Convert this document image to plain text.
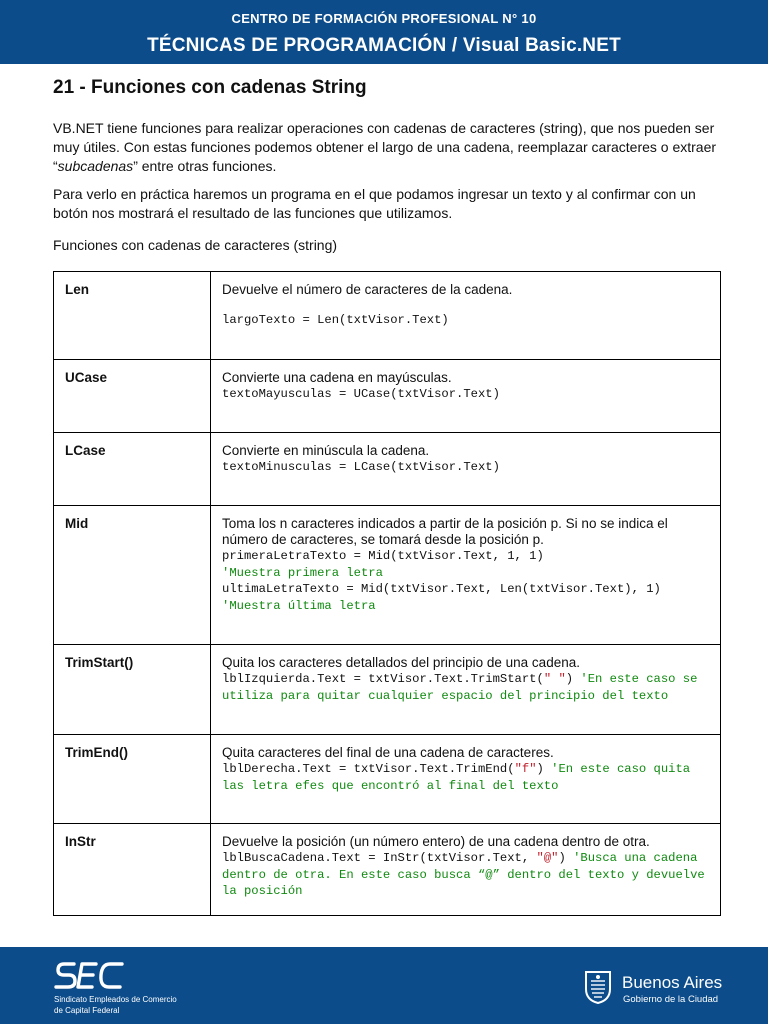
CENTRO DE FORMACIÓN PROFESIONAL N° 10
TÉCNICAS DE PROGRAMACIÓN / Visual Basic.NET
21 - Funciones con cadenas String
VB.NET tiene funciones para realizar operaciones con cadenas de caracteres (string), que nos pueden ser muy útiles. Con estas funciones podemos obtener el largo de una cadena, reemplazar caracteres o extraer “subcadenas” entre otras funciones.
Para verlo en práctica haremos un programa en el que podamos ingresar un texto y al confirmar con un botón nos mostrará el resultado de las funciones que utilizamos.
Funciones con cadenas de caracteres (string)
Len	Devuelve el número de caracteres de la cadena.
largoTexto = Len(txtVisor.Text)

UCase	Convierte una cadena en mayúsculas.
textoMayusculas = UCase(txtVisor.Text)

LCase	Convierte en minúscula la cadena.
textoMinusculas = LCase(txtVisor.Text)

Mid	Toma los n caracteres indicados a partir de la posición p. Si no se indica el número de caracteres, se tomará desde la posición p.
primeraLetraTexto = Mid(txtVisor.Text, 1, 1)
'Muestra primera letra
ultimaLetraTexto = Mid(txtVisor.Text, Len(txtVisor.Text), 1)
'Muestra última letra

TrimStart()	Quita los caracteres detallados del principio de una cadena.
lblIzquierda.Text = txtVisor.Text.TrimStart(" ") 'En este caso se utiliza para quitar cualquier espacio del principio del texto

TrimEnd()	Quita caracteres del final de una cadena de caracteres.
lblDerecha.Text = txtVisor.Text.TrimEnd("f") 'En este caso quita las letra efes que encontró al final del texto

InStr	Devuelve la posición (un número entero) de una cadena dentro de otra.
lblBuscaCadena.Text = InStr(txtVisor.Text, "@") 'Busca una cadena dentro de otra. En este caso busca “@” dentro del texto y devuelve la posición
Sindicato Empleados de Comercio
de Capital Federal
Buenos Aires
Gobierno de la Ciudad
